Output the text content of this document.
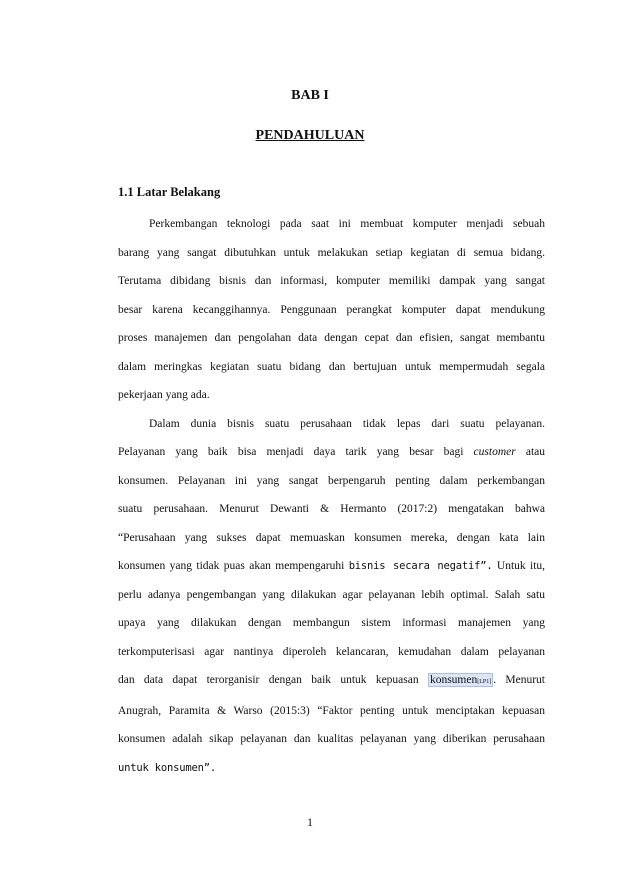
BAB I
PENDAHULUAN
1.1 Latar Belakang
Perkembangan teknologi pada saat ini membuat komputer menjadi sebuah
barang yang sangat dibutuhkan untuk melakukan setiap kegiatan di semua bidang.
Terutama dibidang bisnis dan informasi, komputer memiliki dampak yang sangat
besar karena kecanggihannya. Penggunaan perangkat komputer dapat mendukung
proses manajemen dan pengolahan data dengan cepat dan efisien, sangat membantu
dalam meringkas kegiatan suatu bidang dan bertujuan untuk mempermudah segala
pekerjaan yang ada.
Dalam dunia bisnis suatu perusahaan tidak lepas dari suatu pelayanan.
Pelayanan yang baik bisa menjadi daya tarik yang besar bagi customer atau
konsumen. Pelayanan ini yang sangat berpengaruh penting dalam perkembangan
suatu perusahaan. Menurut Dewanti & Hermanto (2017:2) mengatakan bahwa
“Perusahaan yang sukses dapat memuaskan konsumen mereka, dengan kata lain
konsumen yang tidak puas akan mempengaruhi bisnis secara negatif”. Untuk itu,
perlu adanya pengembangan yang dilakukan agar pelayanan lebih optimal. Salah satu
upaya yang dilakukan dengan membangun sistem informasi manajemen yang
terkomputerisasi agar nantinya diperoleh kelancaran, kemudahan dalam pelayanan
dan data dapat terorganisir dengan baik untuk kepuasan konsumen[LP1] . Menurut
Anugrah, Paramita & Warso (2015:3) “Faktor penting untuk menciptakan kepuasan
konsumen adalah sikap pelayanan dan kualitas pelayanan yang diberikan perusahaan
untuk konsumen”.
1
